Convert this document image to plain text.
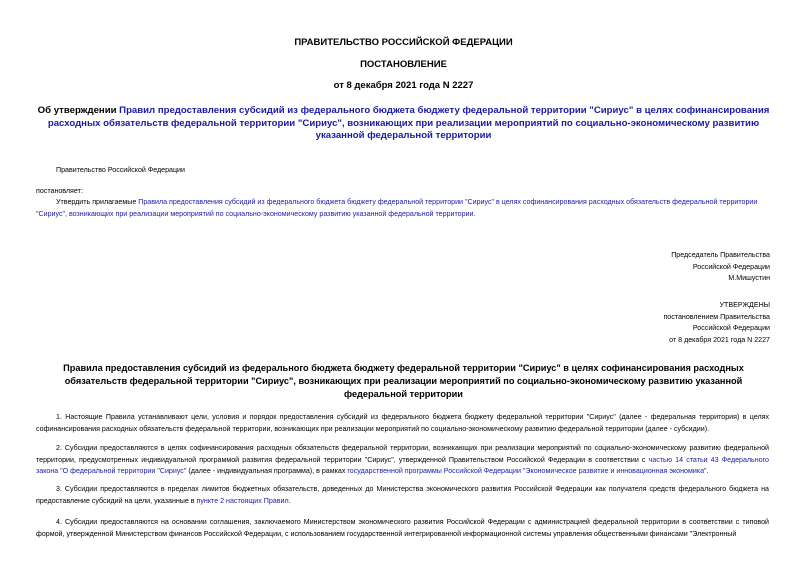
ПРАВИТЕЛЬСТВО РОССИЙСКОЙ ФЕДЕРАЦИИ
ПОСТАНОВЛЕНИЕ
от 8 декабря 2021 года N 2227
Об утверждении Правил предоставления субсидий из федерального бюджета бюджету федеральной территории "Сириус" в целях софинансирования расходных обязательств федеральной территории "Сириус", возникающих при реализации мероприятий по социально-экономическому развитию указанной федеральной территории
Правительство Российской Федерации
постановляет:
Утвердить прилагаемые Правила предоставления субсидий из федерального бюджета бюджету федеральной территории "Сириус" в целях софинансирования расходных обязательств федеральной территории "Сириус", возникающих при реализации мероприятий по социально-экономическому развитию указанной федеральной территории.
Председатель Правительства
Российской Федерации
М.Мишустин
УТВЕРЖДЕНЫ
постановлением Правительства
Российской Федерации
от 8 декабря 2021 года N 2227
Правила предоставления субсидий из федерального бюджета бюджету федеральной территории "Сириус" в целях софинансирования расходных обязательств федеральной территории "Сириус", возникающих при реализации мероприятий по социально-экономическому развитию указанной федеральной территории
1. Настоящие Правила устанавливают цели, условия и порядок предоставления субсидий из федерального бюджета бюджету федеральной территории "Сириус" (далее - федеральная территория) в целях софинансирования расходных обязательств федеральной территории, возникающих при реализации мероприятий по социально-экономическому развитию федеральной территории (далее - субсидии).
2. Субсидии предоставляются в целях софинансирования расходных обязательств федеральной территории, возникающих при реализации мероприятий по социально-экономическому развитию федеральной территории, предусмотренных индивидуальной программой развития федеральной территории "Сириус", утвержденной Правительством Российской Федерации в соответствии с частью 14 статьи 43 Федерального закона "О федеральной территории "Сириус" (далее - индивидуальная программа), в рамках государственной программы Российской Федерации "Экономическое развитие и инновационная экономика".
3. Субсидии предоставляются в пределах лимитов бюджетных обязательств, доведенных до Министерства экономического развития Российской Федерации как получателя средств федерального бюджета на предоставление субсидий на цели, указанные в пункте 2 настоящих Правил.
4. Субсидии предоставляются на основании соглашения, заключаемого Министерством экономического развития Российской Федерации с администрацией федеральной территории в соответствии с типовой формой, утвержденной Министерством финансов Российской Федерации, с использованием государственной интегрированной информационной системы управления общественными финансами "Электронный
